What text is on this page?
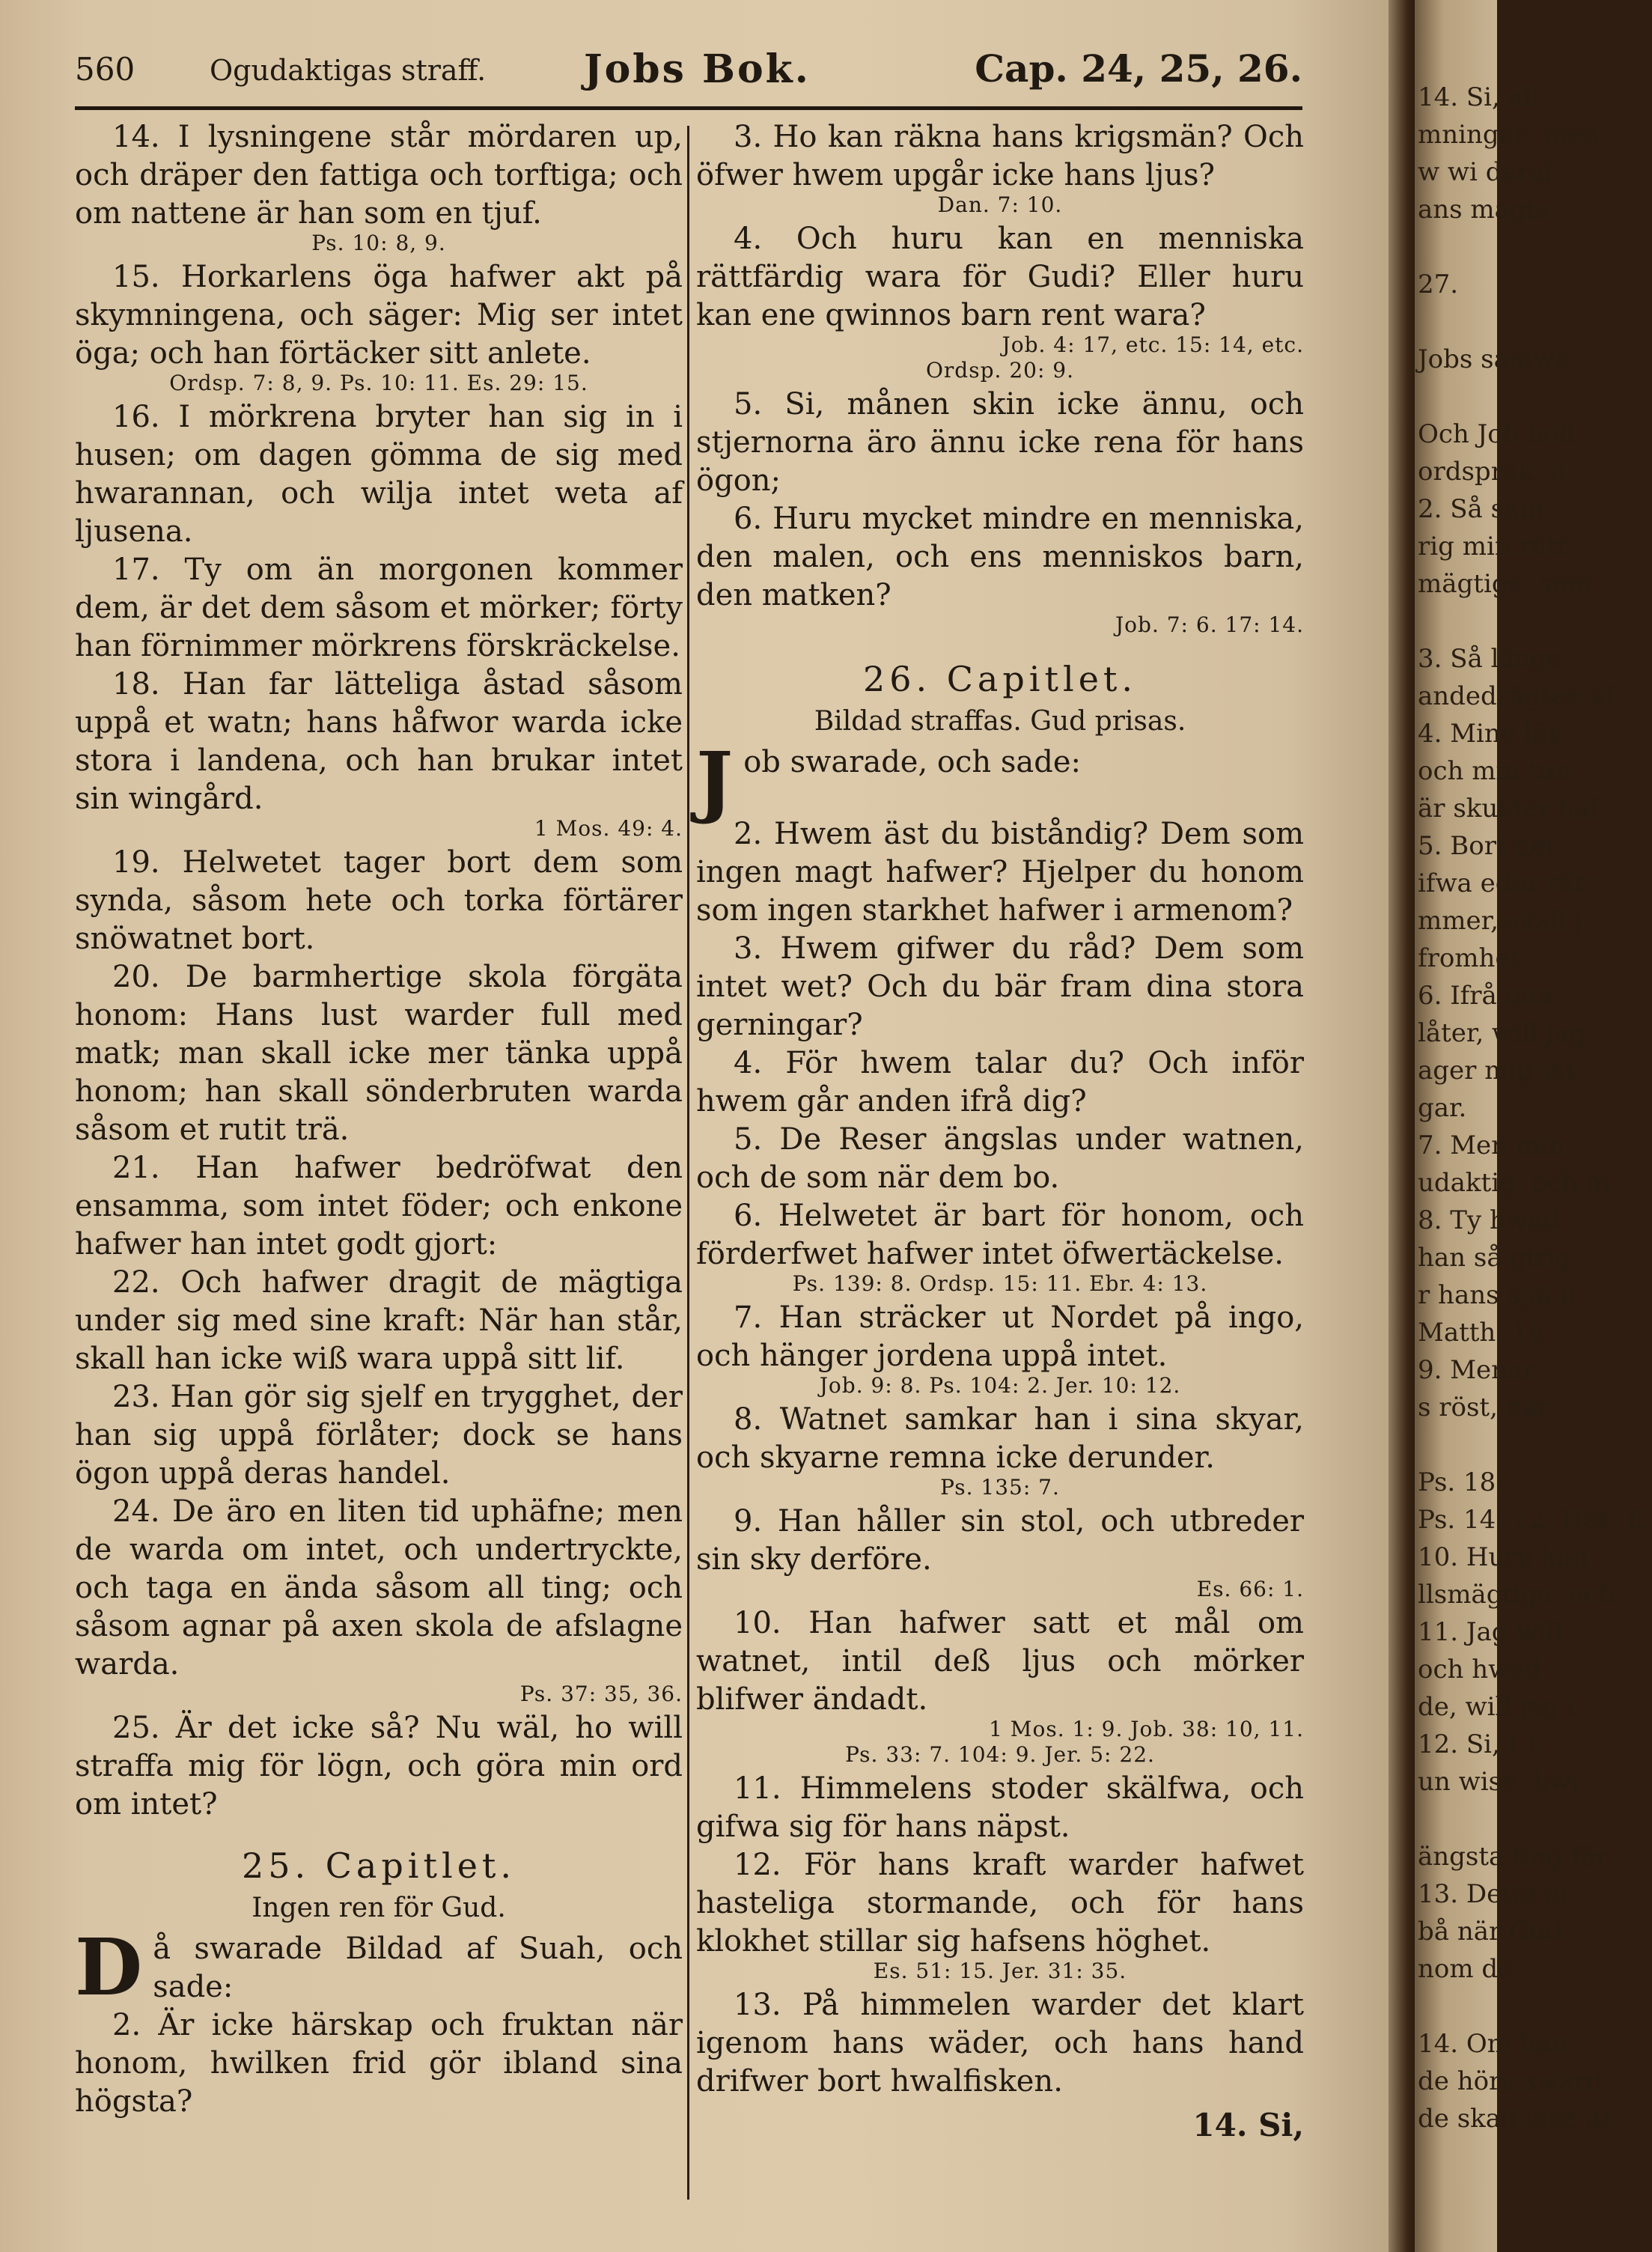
560	Ogudaktigas straff.	Jobs Bok.	Cap. 24, 25, 26.

14. I lysningene står mördaren up, och dräper den fattiga och torftiga; och om nattene är han som en tjuf.

Ps. 10: 8, 9.

15. Horkarlens öga hafwer akt på skymningena, och säger: Mig ser intet öga; och han förtäcker sitt anlete.

Ordsp. 7: 8, 9. Ps. 10: 11. Es. 29: 15.

16. I mörkrena bryter han sig in i husen; om dagen gömma de sig med hwarannan, och wilja intet weta af ljusena.

17. Ty om än morgonen kommer dem, är det dem såsom et mörker; förty han förnimmer mörkrens förskräckelse.

18. Han far lätteliga åstad såsom uppå et watn; hans håfwor warda icke stora i landena, och han brukar intet sin wingård.

1 Mos. 49: 4.

19. Helwetet tager bort dem som synda, såsom hete och torka förtärer snöwatnet bort.

20. De barmhertige skola förgäta honom: Hans lust warder full med matk; man skall icke mer tänka uppå honom; han skall sönderbruten warda såsom et rutit trä.

21. Han hafwer bedröfwat den ensamma, som intet föder; och enkone hafwer han intet godt gjort:

22. Och hafwer dragit de mägtiga under sig med sine kraft: När han står, skall han icke wiß wara uppå sitt lif.

23. Han gör sig sjelf en trygghet, der han sig uppå förlåter; dock se hans ögon uppå deras handel.

24. De äro en liten tid uphäfne; men de warda om intet, och undertryckte, och taga en ända såsom all ting; och såsom agnar på axen skola de afslagne warda.

Ps. 37: 35, 36.

25. Är det icke så? Nu wäl, ho will straffa mig för lögn, och göra min ord om intet?

25. Capitlet.
Ingen ren för Gud.

Då swarade Bildad af Suah, och sade:

2. Är icke härskap och fruktan när honom, hwilken frid gör ibland sina högsta?

3. Ho kan räkna hans krigsmän? Och öfwer hwem upgår icke hans ljus?

Dan. 7: 10.

4. Och huru kan en menniska rättfärdig wara för Gudi? Eller huru kan ene qwinnos barn rent wara?

Job. 4: 17, etc. 15: 14, etc.

Ordsp. 20: 9.

5. Si, månen skin icke ännu, och stjernorna äro ännu icke rena för hans ögon;

6. Huru mycket mindre en menniska, den malen, och ens menniskos barn, den matken?

Job. 7: 6. 17: 14.

26. Capitlet.
Bildad straffas. Gud prisas.

Job swarade, och sade:

2. Hwem äst du biståndig? Dem som ingen magt hafwer? Hjelper du honom som ingen starkhet hafwer i armenom?

3. Hwem gifwer du råd? Dem som intet wet? Och du bär fram dina stora gerningar?

4. För hwem talar du? Och inför hwem går anden ifrå dig?

5. De Reser ängslas under watnen, och de som när dem bo.

6. Helwetet är bart för honom, och förderfwet hafwer intet öfwertäckelse.

Ps. 139: 8. Ordsp. 15: 11. Ebr. 4: 13.

7. Han sträcker ut Nordet på ingo, och hänger jordena uppå intet.

Job. 9: 8. Ps. 104: 2. Jer. 10: 12.

8. Watnet samkar han i sina skyar, och skyarne remna icke derunder.

Ps. 135: 7.

9. Han håller sin stol, och utbreder sin sky derföre.

Es. 66: 1.

10. Han hafwer satt et mål om watnet, intil deß ljus och mörker blifwer ändadt.

1 Mos. 1: 9. Job. 38: 10, 11.

Ps. 33: 7. 104: 9. Jer. 5: 22.

11. Himmelens stoder skälfwa, och gifwa sig för hans näpst.

12. För hans kraft warder hafwet hasteliga stormande, och för hans klokhet stillar sig hafsens höghet.

Es. 51: 15. Jer. 31: 35.

13. På himmelen warder det klart igenom hans wäder, och hans hand drifwer bort hwalfisken.

14. Si,
14. Si, all
mningar; men
w wi deraf
ans magts
27.
Jobs samwe
Och Job höll
ordsprak, o
2. Så sant
rig min rätt
mägtige, som
3. Så länge
andedrägten af
4. Mine läp
och min tun
är skulder haf
5. Bort det
ifwa eder rätt
mmer, skall j
fromhet:
6. Ifrå min
låter, will jag
ager mig int
gar.
7. Men min
udaktig, och m
8. Ty hwad
han så girig
r hans själ b
Matth. 16
9. Menar
s röst, när
Ps. 18:
Ps. 14: 12. Hes. 8.
10. Huru kan
llsmägtiga, och
11. Jag will
och hwad
de, will jag i
12. Si, I h
un wise; hwi
ängsta ting för
13. Detta är
bå när Gud
nom de
14. Om han
de höra swärd
de skall icke af
